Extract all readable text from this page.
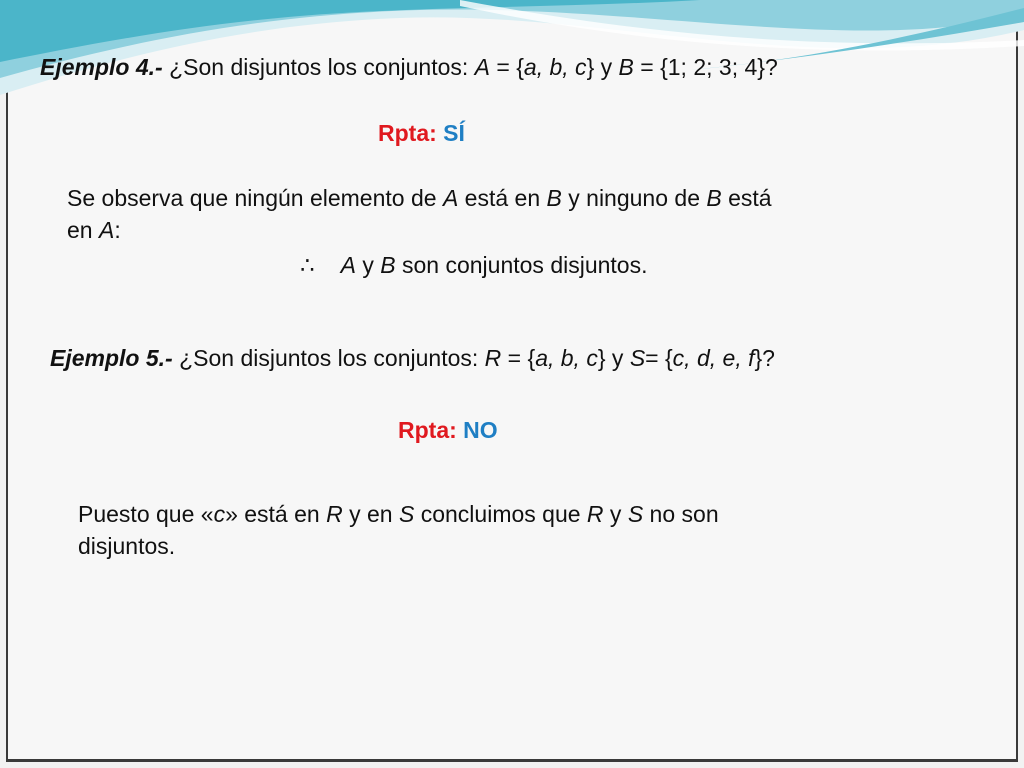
Ejemplo 4.- ¿Son disjuntos los conjuntos: A = {a, b, c} y B = {1; 2; 3; 4}?
Rpta: SÍ
Se observa que ningún elemento de A está en B y ninguno de B está
en A:
∴ A y B son conjuntos disjuntos.
Ejemplo 5.- ¿Son disjuntos los conjuntos: R = {a, b, c} y S= {c, d, e, f}?
Rpta: NO
Puesto que «c» está en R y en S concluimos que R y S no son
disjuntos.
